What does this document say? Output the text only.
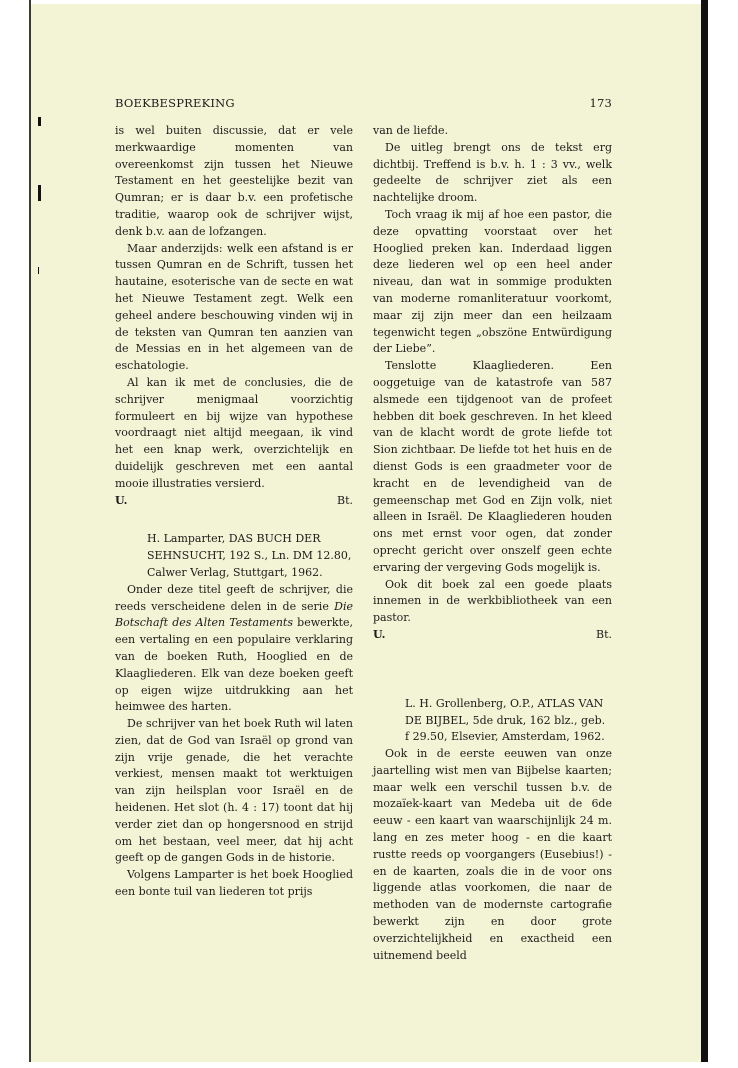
BOEKBESPREKING	173

is wel buiten discussie, dat er vele merkwaardige momenten van overeenkomst zijn tussen het Nieuwe Testament en het geestelijke bezit van Qumran; er is daar b.v. een profetische traditie, waarop ook de schrijver wijst, denk b.v. aan de lofzangen.

Maar anderzijds: welk een afstand is er tussen Qumran en de Schrift, tussen het hautaine, esoterische van de secte en wat het Nieuwe Testament zegt. Welk een geheel andere beschouwing vinden wij in de teksten van Qumran ten aanzien van de Messias en in het algemeen van de eschatologie.

Al kan ik met de conclusies, die de schrijver menigmaal voorzichtig formuleert en bij wijze van hypothese voordraagt niet altijd meegaan, ik vind het een knap werk, overzichtelijk en duidelijk geschreven met een aantal mooie illustraties versierd.

U.	Bt.

H. Lamparter, DAS BUCH DER SEHNSUCHT, 192 S., Ln. DM 12.80, Calwer Verlag, Stuttgart, 1962.

Onder deze titel geeft de schrijver, die reeds verscheidene delen in de serie Die Botschaft des Alten Testaments bewerkte, een vertaling en een populaire verklaring van de boeken Ruth, Hooglied en de Klaagliederen. Elk van deze boeken geeft op eigen wijze uitdrukking aan het heimwee des harten.

De schrijver van het boek Ruth wil laten zien, dat de God van Israël op grond van zijn vrije genade, die het verachte verkiest, mensen maakt tot werktuigen van zijn heilsplan voor Israël en de heidenen. Het slot (h. 4 : 17) toont dat hij verder ziet dan op hongersnood en strijd om het bestaan, veel meer, dat hij acht geeft op de gangen Gods in de historie.

Volgens Lamparter is het boek Hooglied een bonte tuil van liederen tot prijs

van de liefde.

De uitleg brengt ons de tekst erg dichtbij. Treffend is b.v. h. 1 : 3 vv., welk gedeelte de schrijver ziet als een nachtelijke droom.

Toch vraag ik mij af hoe een pastor, die deze opvatting voorstaat over het Hooglied preken kan. Inderdaad liggen deze liederen wel op een heel ander niveau, dan wat in sommige produkten van moderne romanliteratuur voorkomt, maar zij zijn meer dan een heilzaam tegenwicht tegen „obszöne Entwürdigung der Liebe”.

Tenslotte Klaagliederen. Een ooggetuige van de katastrofe van 587 alsmede een tijdgenoot van de profeet hebben dit boek geschreven. In het kleed van de klacht wordt de grote liefde tot Sion zichtbaar. De liefde tot het huis en de dienst Gods is een graadmeter voor de kracht en de levendigheid van de gemeenschap met God en Zijn volk, niet alleen in Israël. De Klaagliederen houden ons met ernst voor ogen, dat zonder oprecht gericht over onszelf geen echte ervaring der vergeving Gods mogelijk is.

Ook dit boek zal een goede plaats innemen in de werkbibliotheek van een pastor.

U.	Bt.

L. H. Grollenberg, O.P., ATLAS VAN DE BIJBEL, 5de druk, 162 blz., geb. f 29.50, Elsevier, Amsterdam, 1962.

Ook in de eerste eeuwen van onze jaartelling wist men van Bijbelse kaarten; maar welk een verschil tussen b.v. de mozaïek-kaart van Medeba uit de 6de eeuw - een kaart van waarschijnlijk 24 m. lang en zes meter hoog - en die kaart rustte reeds op voorgangers (Eusebius!) - en de kaarten, zoals die in de voor ons liggende atlas voorkomen, die naar de methoden van de modernste cartografie bewerkt zijn en door grote overzichtelijkheid en exactheid een uitnemend beeld
